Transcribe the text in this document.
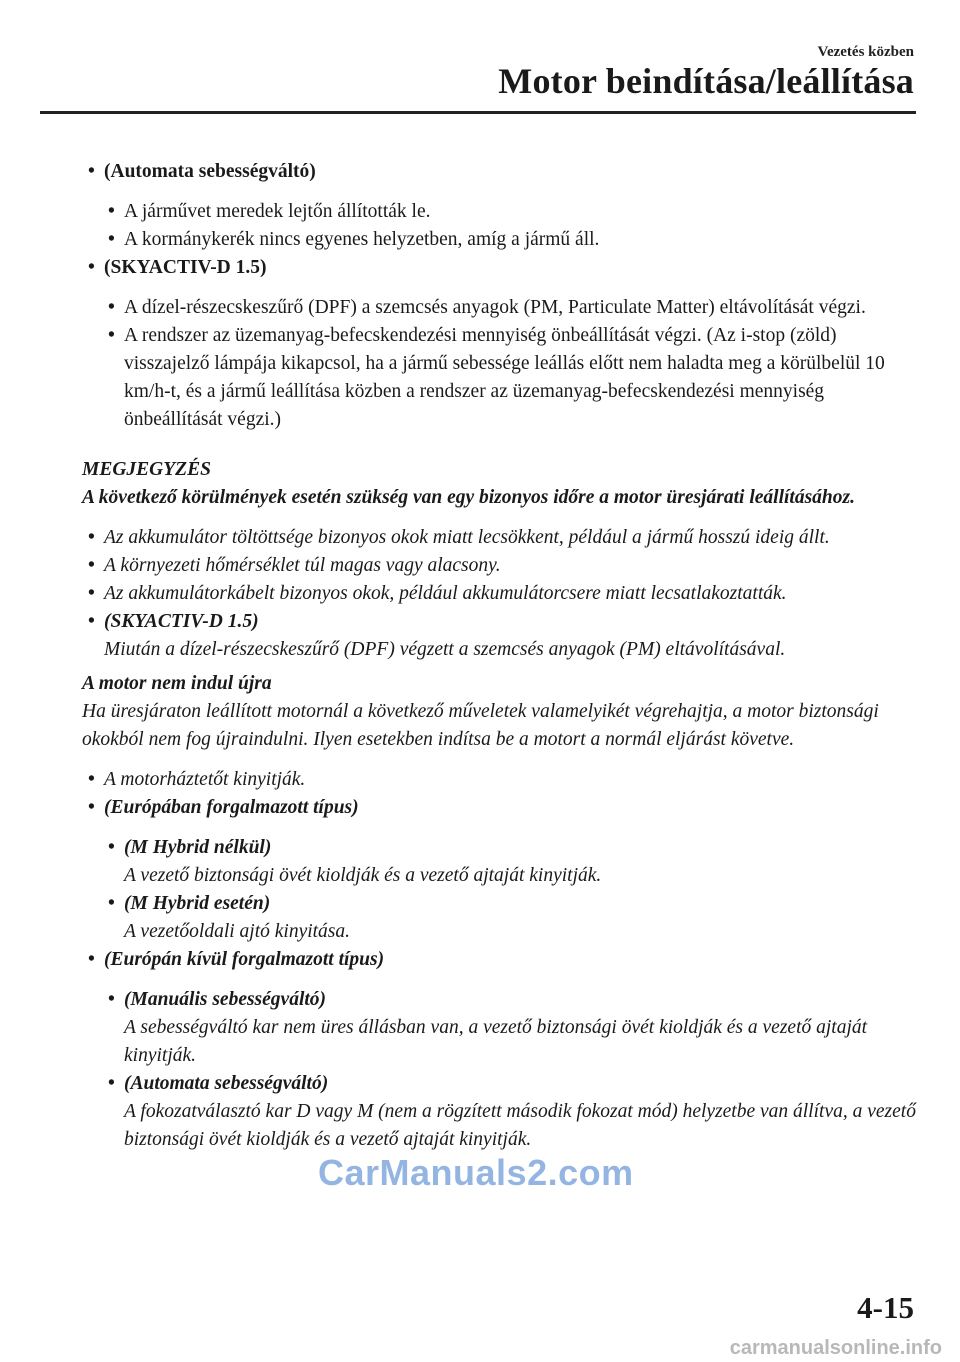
Vezetés közben
Motor beindítása/leállítása
• (Automata sebességváltó)
• A járművet meredek lejtőn állították le.
• A kormánykerék nincs egyenes helyzetben, amíg a jármű áll.
• (SKYACTIV-D 1.5)
• A dízel-részecskeszűrő (DPF) a szemcsés anyagok (PM, Particulate Matter) eltávolítását végzi.
• A rendszer az üzemanyag-befecskendezési mennyiség önbeállítását végzi. (Az i-stop (zöld) visszajelző lámpája kikapcsol, ha a jármű sebessége leállás előtt nem haladta meg a körülbelül 10 km/h-t, és a jármű leállítása közben a rendszer az üzemanyag-befecskendezési mennyiség önbeállítását végzi.)

MEGJEGYZÉS

A következő körülmények esetén szükség van egy bizonyos időre a motor üresjárati leállításához.

• Az akkumulátor töltöttsége bizonyos okok miatt lecsökkent, például a jármű hosszú ideig állt.
• A környezeti hőmérséklet túl magas vagy alacsony.
• Az akkumulátorkábelt bizonyos okok, például akkumulátorcsere miatt lecsatlakoztatták.
• (SKYACTIV-D 1.5)
Miután a dízel-részecskeszűrő (DPF) végzett a szemcsés anyagok (PM) eltávolításával.

A motor nem indul újra

Ha üresjáraton leállított motornál a következő műveletek valamelyikét végrehajtja, a motor biztonsági okokból nem fog újraindulni. Ilyen esetekben indítsa be a motort a normál eljárást követve.

• A motorháztetőt kinyitják.
• (Európában forgalmazott típus)
• (M Hybrid nélkül)
A vezető biztonsági övét kioldják és a vezető ajtaját kinyitják.
• (M Hybrid esetén)
A vezetőoldali ajtó kinyitása.
• (Európán kívül forgalmazott típus)
• (Manuális sebességváltó)
A sebességváltó kar nem üres állásban van, a vezető biztonsági övét kioldják és a vezető ajtaját kinyitják.
• (Automata sebességváltó)
A fokozatválasztó kar D vagy M (nem a rögzített második fokozat mód) helyzetbe van állítva, a vezető biztonsági övét kioldják és a vezető ajtaját kinyitják.
CarManuals2.com
4-15
carmanualsonline.info
